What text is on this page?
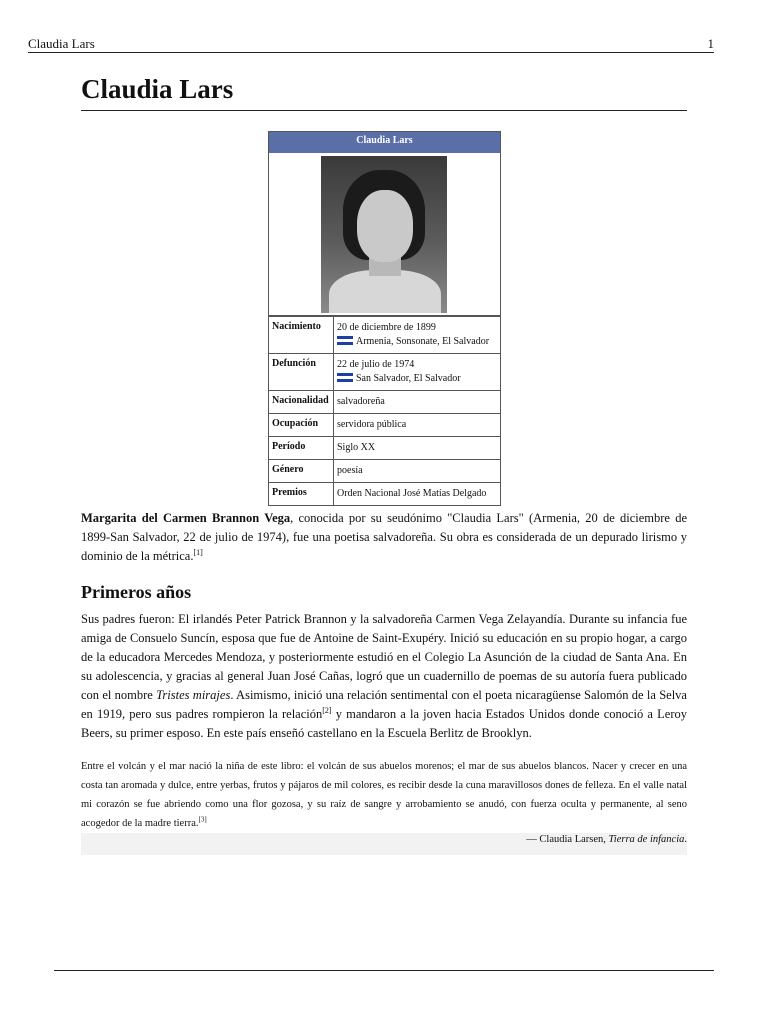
Claudia Lars	1
Claudia Lars
Claudia Lars
Nacimiento	20 de diciembre de 1899
Armenia, Sonsonate, El Salvador
Defunción	22 de julio de 1974
San Salvador, El Salvador
Nacionalidad salvadoreña
Ocupación	servidora pública
Período	Siglo XX
Género	poesía
Premios	Orden Nacional José Matías Delgado

Margarita del Carmen Brannon Vega, conocida por su seudónimo "Claudia Lars" (Armenia, 20 de diciembre de 1899-San Salvador, 22 de julio de 1974), fue una poetisa salvadoreña. Su obra es considerada de un depurado lirismo y dominio de la métrica.[1]

Primeros años

Sus padres fueron: El irlandés Peter Patrick Brannon y la salvadoreña Carmen Vega Zelayandía. Durante su infancia fue amiga de Consuelo Suncín, esposa que fue de Antoine de Saint-Exupéry. Inició su educación en su propio hogar, a cargo de la educadora Mercedes Mendoza, y posteriormente estudió en el Colegio La Asunción de la ciudad de Santa Ana. En su adolescencia, y gracias al general Juan José Cañas, logró que un cuadernillo de poemas de su autoría fuera publicado con el nombre Tristes mirajes. Asimismo, inició una relación sentimental con el poeta nicaragüense Salomón de la Selva en 1919, pero sus padres rompieron la relación[2] y mandaron a la joven hacia Estados Unidos donde conoció a Leroy Beers, su primer esposo. En este país enseñó castellano en la Escuela Berlitz de Brooklyn.

Entre el volcán y el mar nació la niña de este libro: el volcán de sus abuelos morenos; el mar de sus abuelos blancos. Nacer y crecer en una costa tan aromada y dulce, entre yerbas, frutos y pájaros de mil colores, es recibir desde la cuna maravillosos dones de felleza. En el valle natal mi corazón se fue abriendo como una flor gozosa, y su raíz de sangre y arrobamiento se anudó, con fuerza oculta y permanente, al seno acogedor de la madre tierra.[3]

— Claudia Larsen, Tierra de infancia.
